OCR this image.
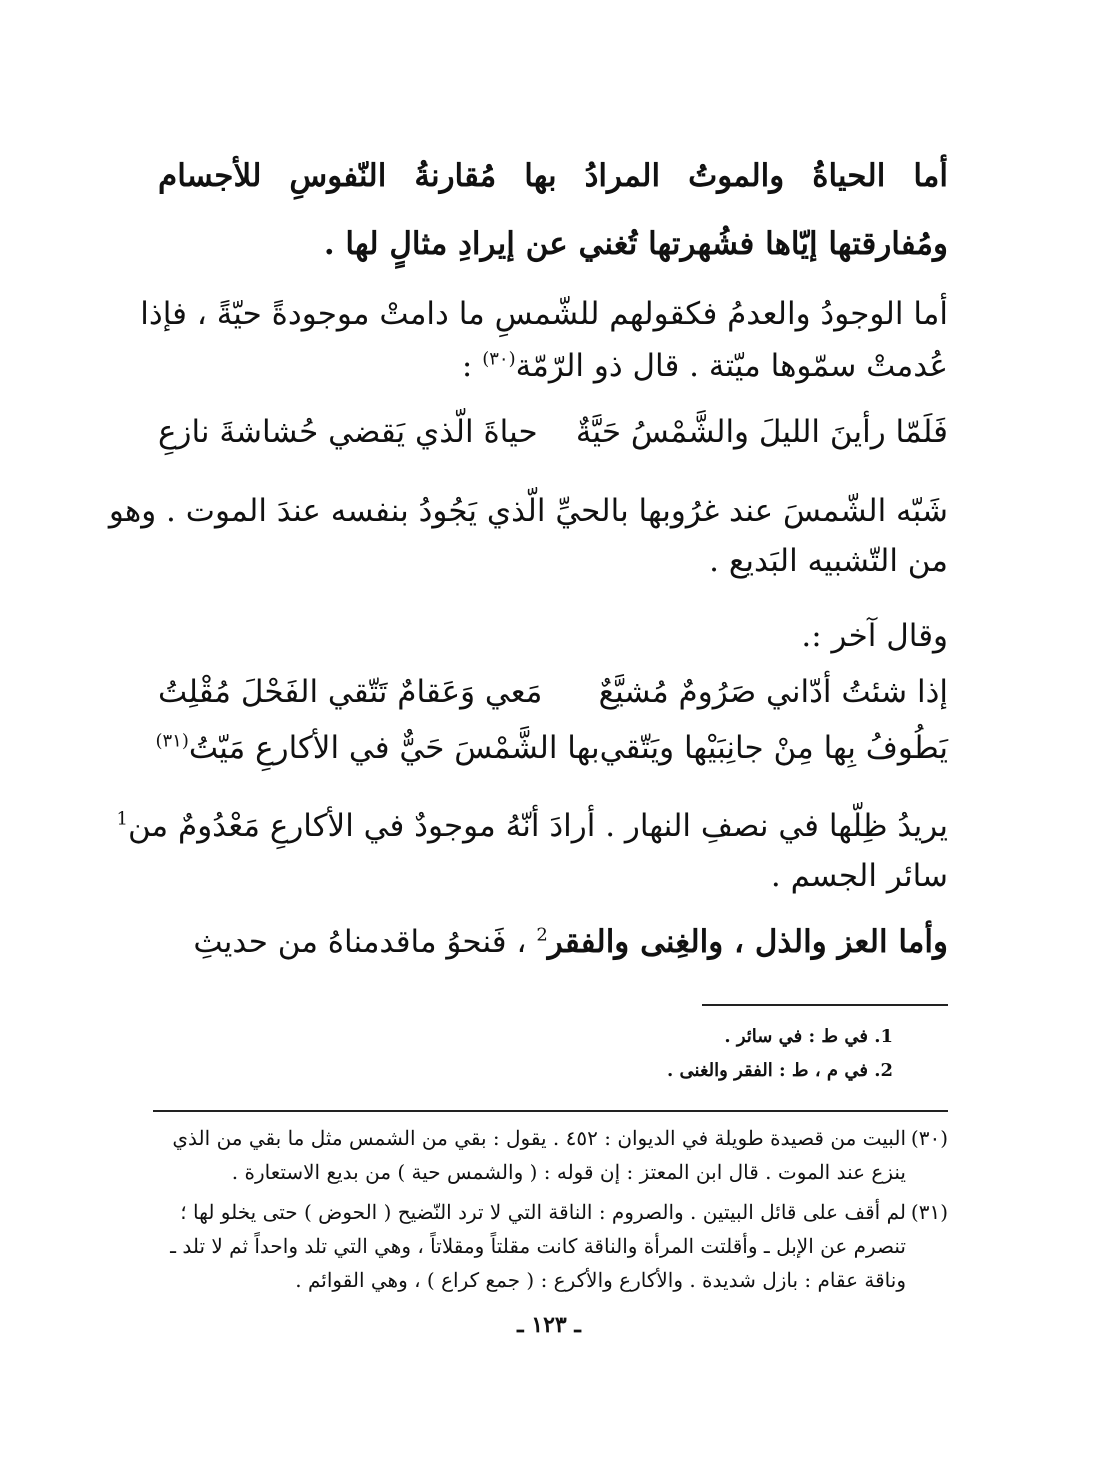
أما الحياةُ والموتُ المرادُ بها مُقارنةُ النّفوسِ للأجسام
ومُفارقتها إيّاها فشُهرتها تُغني عن إيرادِ مثالٍ لها .
أما الوجودُ والعدمُ فكقولهم للشّمسِ ما دامتْ موجودةً حيّةً ، فإذا
عُدمتْ سمّوها ميّتة . قال ذو الرّمّة$^{(٣٠)}$ :
فَلَمّا رأينَ الليلَ والشَّمْسُ حَيَّةٌ
حياةَ الّذي يَقضي حُشاشةَ نازعِ
شَبّه الشّمسَ عند غرُوبها بالحيِّ الّذي يَجُودُ بنفسه عندَ الموت . وهو
من التّشبيه البَديع .
وقال آخر :.
إذا شئتُ أدّاني صَرُومٌ مُشيَّعٌ
مَعي وَعَقامٌ تَتّقي الفَحْلَ مُقْلِتُ
يَطُوفُ بِها مِنْ جانِبَيْها ويَتّقي
بها الشَّمْسَ حَيٌّ في الأكارعِ مَيّتُ$^{(٣١)}$
يريدُ ظِلّها في نصفِ النهار . أرادَ أنّهُ موجودٌ في الأكارعِ مَعْدُومٌ من$^1$
سائر الجسم .
وأما العز والذل ، والغِنى والفقر$^2$ ، فَنحوُ ماقدمناهُ من حديثِ
1. في ط : في سائر .
2. في م ، ط : الفقر والغنى .
(٣٠)البيت من قصيدة طويلة في الديوان : ٤٥٢ . يقول : بقي من الشمس مثل ما بقي من الذي
ينزع عند الموت . قال ابن المعتز : إن قوله : ( والشمس حية ) من بديع الاستعارة .
(٣١)لم أقف على قائل البيتين . والصروم : الناقة التي لا ترد النّضيح ( الحوض ) حتى يخلو لها ؛
تنصرم عن الإبل ـ وأقلتت المرأة والناقة كانت مقلتاً ومقلاتاً ، وهي التي تلد واحداً ثم لا تلد ـ
وناقة عقام : بازل شديدة . والأكارع والأكرع : ( جمع كراع ) ، وهي القوائم .
ـ ١٢٣ ـ
